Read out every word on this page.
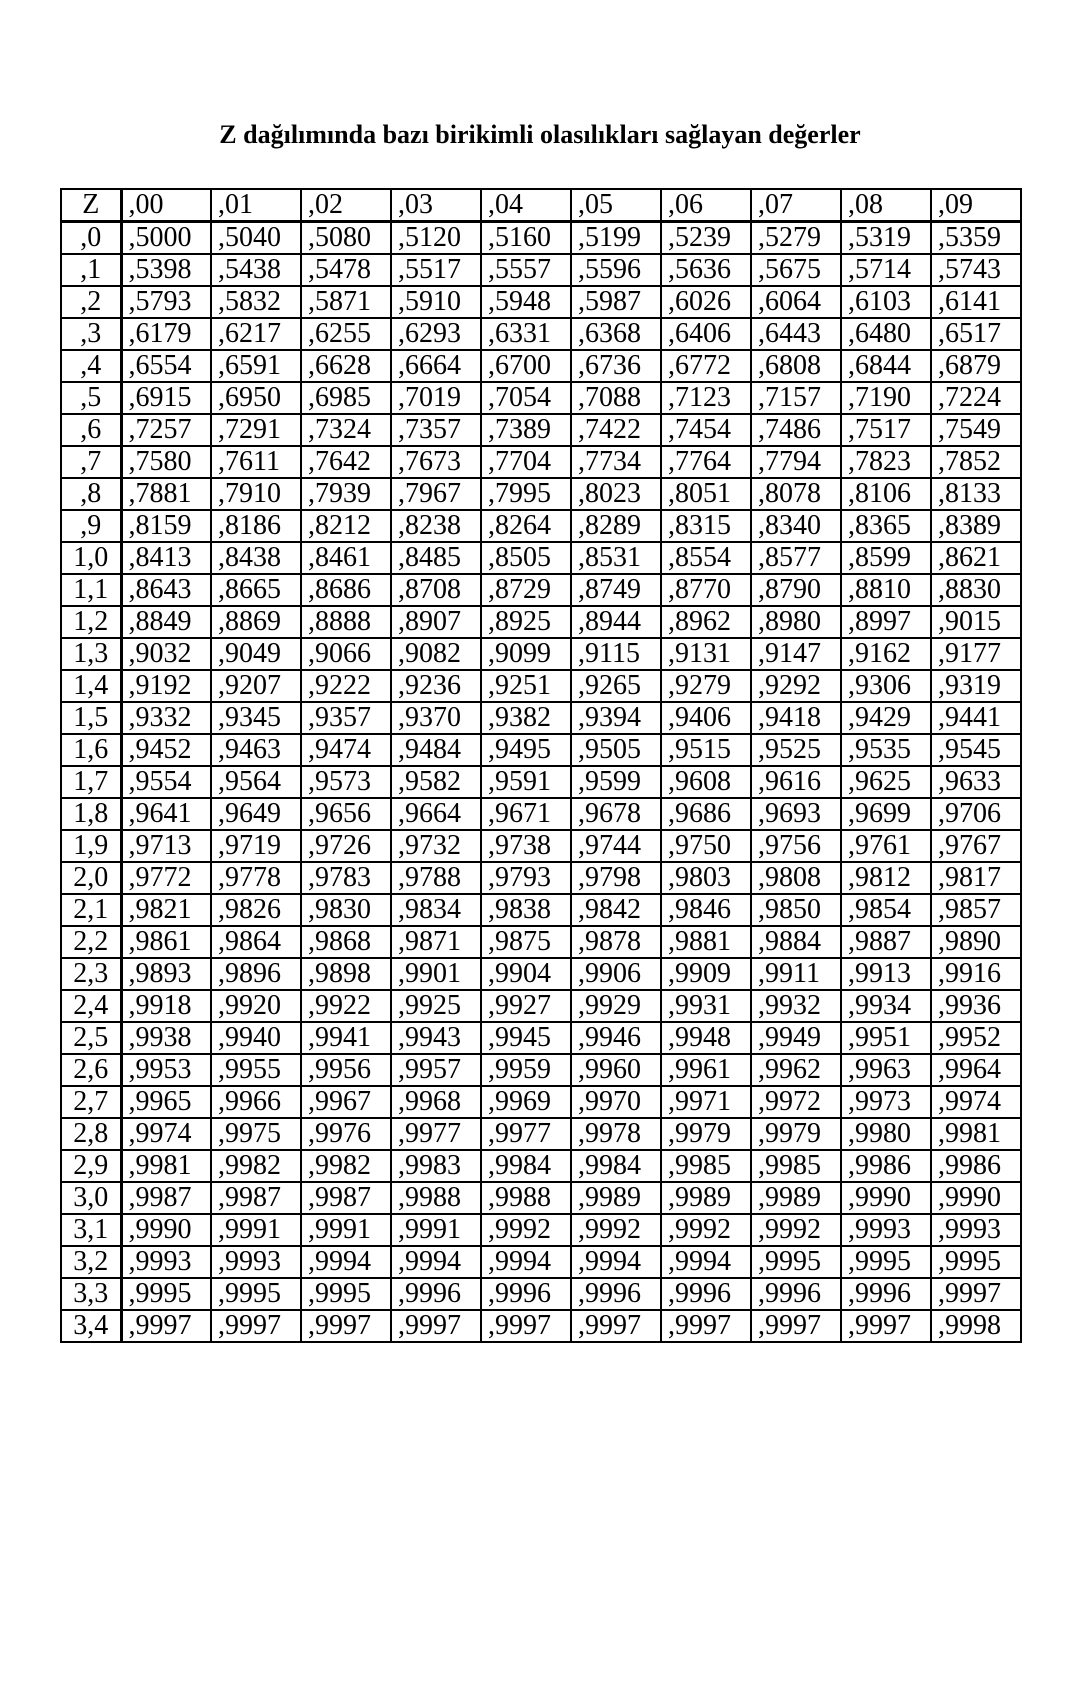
Z dağılımında bazı birikimli olasılıkları sağlayan değerler
Z	,00	,01	,02	,03	,04	,05	,06	,07	,08	,09
,0	,5000	,5040	,5080	,5120	,5160	,5199	,5239	,5279	,5319	,5359
,1	,5398	,5438	,5478	,5517	,5557	,5596	,5636	,5675	,5714	,5743
,2	,5793	,5832	,5871	,5910	,5948	,5987	,6026	,6064	,6103	,6141
,3	,6179	,6217	,6255	,6293	,6331	,6368	,6406	,6443	,6480	,6517
,4	,6554	,6591	,6628	,6664	,6700	,6736	,6772	,6808	,6844	,6879
,5	,6915	,6950	,6985	,7019	,7054	,7088	,7123	,7157	,7190	,7224
,6	,7257	,7291	,7324	,7357	,7389	,7422	,7454	,7486	,7517	,7549
,7	,7580	,7611	,7642	,7673	,7704	,7734	,7764	,7794	,7823	,7852
,8	,7881	,7910	,7939	,7967	,7995	,8023	,8051	,8078	,8106	,8133
,9	,8159	,8186	,8212	,8238	,8264	,8289	,8315	,8340	,8365	,8389
1,0	,8413	,8438	,8461	,8485	,8505	,8531	,8554	,8577	,8599	,8621
1,1	,8643	,8665	,8686	,8708	,8729	,8749	,8770	,8790	,8810	,8830
1,2	,8849	,8869	,8888	,8907	,8925	,8944	,8962	,8980	,8997	,9015
1,3	,9032	,9049	,9066	,9082	,9099	,9115	,9131	,9147	,9162	,9177
1,4	,9192	,9207	,9222	,9236	,9251	,9265	,9279	,9292	,9306	,9319
1,5	,9332	,9345	,9357	,9370	,9382	,9394	,9406	,9418	,9429	,9441
1,6	,9452	,9463	,9474	,9484	,9495	,9505	,9515	,9525	,9535	,9545
1,7	,9554	,9564	,9573	,9582	,9591	,9599	,9608	,9616	,9625	,9633
1,8	,9641	,9649	,9656	,9664	,9671	,9678	,9686	,9693	,9699	,9706
1,9	,9713	,9719	,9726	,9732	,9738	,9744	,9750	,9756	,9761	,9767
2,0	,9772	,9778	,9783	,9788	,9793	,9798	,9803	,9808	,9812	,9817
2,1	,9821	,9826	,9830	,9834	,9838	,9842	,9846	,9850	,9854	,9857
2,2	,9861	,9864	,9868	,9871	,9875	,9878	,9881	,9884	,9887	,9890
2,3	,9893	,9896	,9898	,9901	,9904	,9906	,9909	,9911	,9913	,9916
2,4	,9918	,9920	,9922	,9925	,9927	,9929	,9931	,9932	,9934	,9936
2,5	,9938	,9940	,9941	,9943	,9945	,9946	,9948	,9949	,9951	,9952
2,6	,9953	,9955	,9956	,9957	,9959	,9960	,9961	,9962	,9963	,9964
2,7	,9965	,9966	,9967	,9968	,9969	,9970	,9971	,9972	,9973	,9974
2,8	,9974	,9975	,9976	,9977	,9977	,9978	,9979	,9979	,9980	,9981
2,9	,9981	,9982	,9982	,9983	,9984	,9984	,9985	,9985	,9986	,9986
3,0	,9987	,9987	,9987	,9988	,9988	,9989	,9989	,9989	,9990	,9990
3,1	,9990	,9991	,9991	,9991	,9992	,9992	,9992	,9992	,9993	,9993
3,2	,9993	,9993	,9994	,9994	,9994	,9994	,9994	,9995	,9995	,9995
3,3	,9995	,9995	,9995	,9996	,9996	,9996	,9996	,9996	,9996	,9997
3,4	,9997	,9997	,9997	,9997	,9997	,9997	,9997	,9997	,9997	,9998
